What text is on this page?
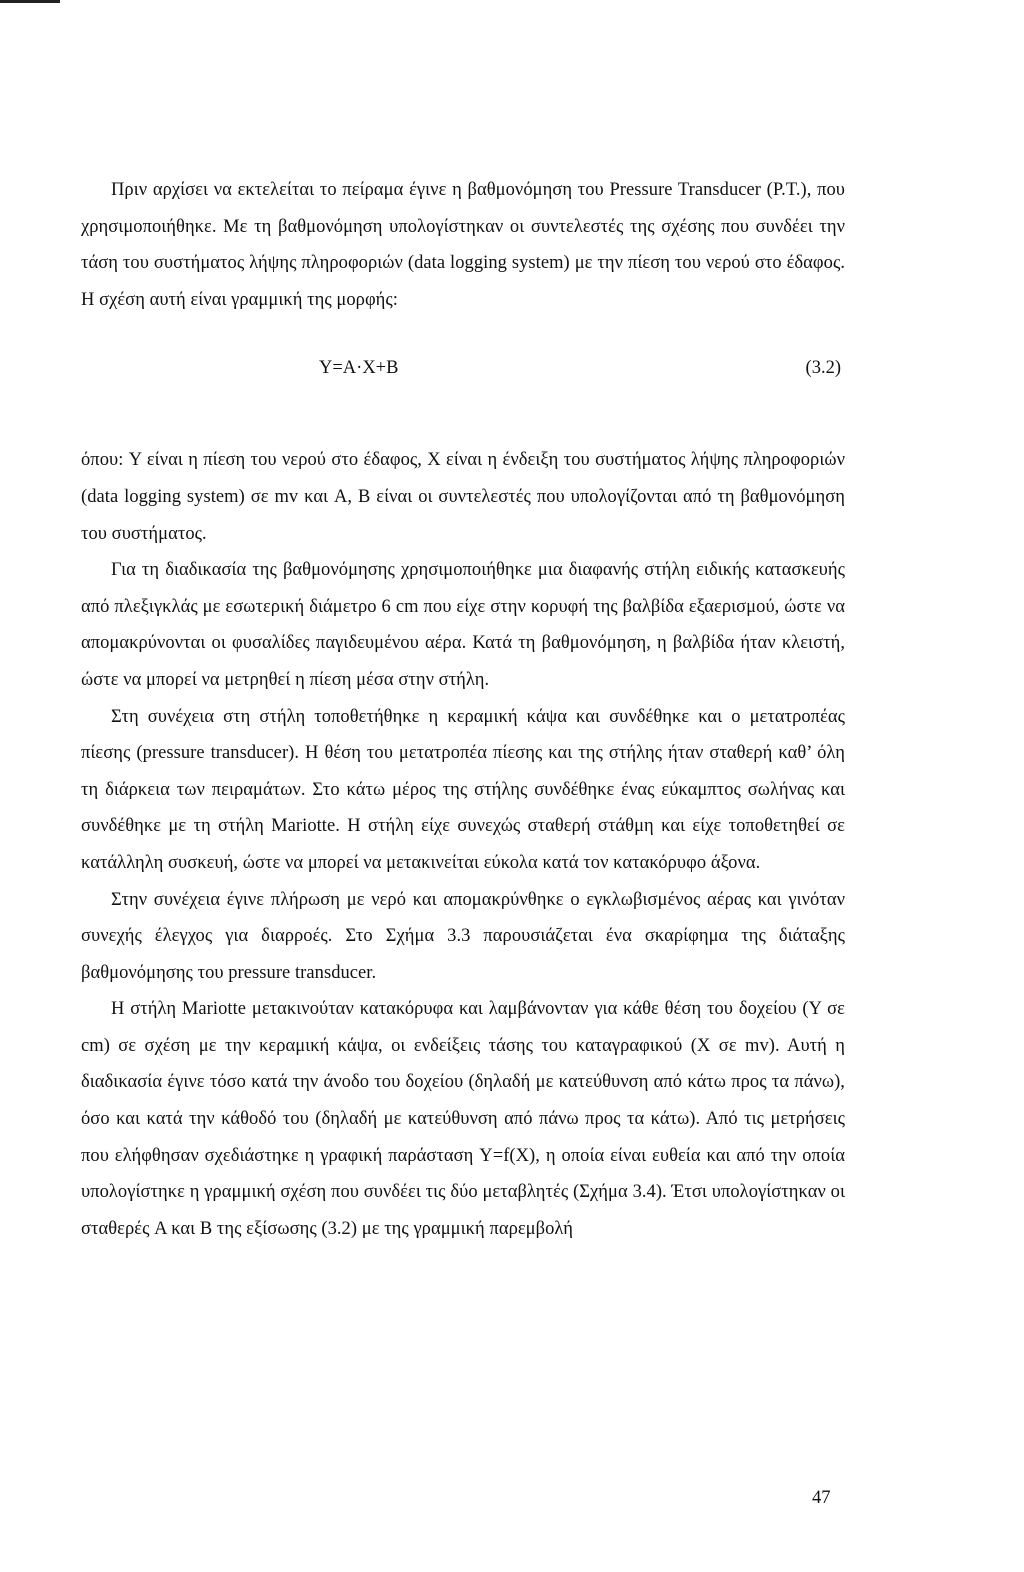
Πριν αρχίσει να εκτελείται το πείραμα έγινε η βαθμονόμηση του Pressure Transducer (P.T.), που χρησιμοποιήθηκε. Με τη βαθμονόμηση υπολογίστηκαν οι συντελεστές της σχέσης που συνδέει την τάση του συστήματος λήψης πληροφοριών (data logging system) με την πίεση του νερού στο έδαφος. Η σχέση αυτή είναι γραμμική της μορφής:

Y=A·X+B	(3.2)

όπου: Y είναι η πίεση του νερού στο έδαφος, X είναι η ένδειξη του συστήματος λήψης πληροφοριών (data logging system) σε mv και A, B είναι οι συντελεστές που υπολογίζονται από τη βαθμονόμηση του συστήματος.

Για τη διαδικασία της βαθμονόμησης χρησιμοποιήθηκε μια διαφανής στήλη ειδικής κατασκευής από πλεξιγκλάς με εσωτερική διάμετρο 6 cm που είχε στην κορυφή της βαλβίδα εξαερισμού, ώστε να απομακρύνονται οι φυσαλίδες παγιδευμένου αέρα. Κατά τη βαθμονόμηση, η βαλβίδα ήταν κλειστή, ώστε να μπορεί να μετρηθεί η πίεση μέσα στην στήλη.

Στη συνέχεια στη στήλη τοποθετήθηκε η κεραμική κάψα και συνδέθηκε και ο μετατροπέας πίεσης (pressure transducer). Η θέση του μετατροπέα πίεσης και της στήλης ήταν σταθερή καθ’ όλη τη διάρκεια των πειραμάτων. Στο κάτω μέρος της στήλης συνδέθηκε ένας εύκαμπτος σωλήνας και συνδέθηκε με τη στήλη Mariotte. Η στήλη είχε συνεχώς σταθερή στάθμη και είχε τοποθετηθεί σε κατάλληλη συσκευή, ώστε να μπορεί να μετακινείται εύκολα κατά τον κατακόρυφο άξονα.

Στην συνέχεια έγινε πλήρωση με νερό και απομακρύνθηκε ο εγκλωβισμένος αέρας και γινόταν συνεχής έλεγχος για διαρροές. Στο Σχήμα 3.3 παρουσιάζεται ένα σκαρίφημα της διάταξης βαθμονόμησης του pressure transducer.

Η στήλη Mariotte μετακινούταν κατακόρυφα και λαμβάνονταν για κάθε θέση του δοχείου (Y σε cm) σε σχέση με την κεραμική κάψα, οι ενδείξεις τάσης του καταγραφικού (X σε mv). Αυτή η διαδικασία έγινε τόσο κατά την άνοδο του δοχείου (δηλαδή με κατεύθυνση από κάτω προς τα πάνω), όσο και κατά την κάθοδό του (δηλαδή με κατεύθυνση από πάνω προς τα κάτω). Από τις μετρήσεις που ελήφθησαν σχεδιάστηκε η γραφική παράσταση Y=f(X), η οποία είναι ευθεία και από την οποία υπολογίστηκε η γραμμική σχέση που συνδέει τις δύο μεταβλητές (Σχήμα 3.4). Έτσι υπολογίστηκαν οι σταθερές A και B της εξίσωσης (3.2) με της γραμμική παρεμβολή

47
